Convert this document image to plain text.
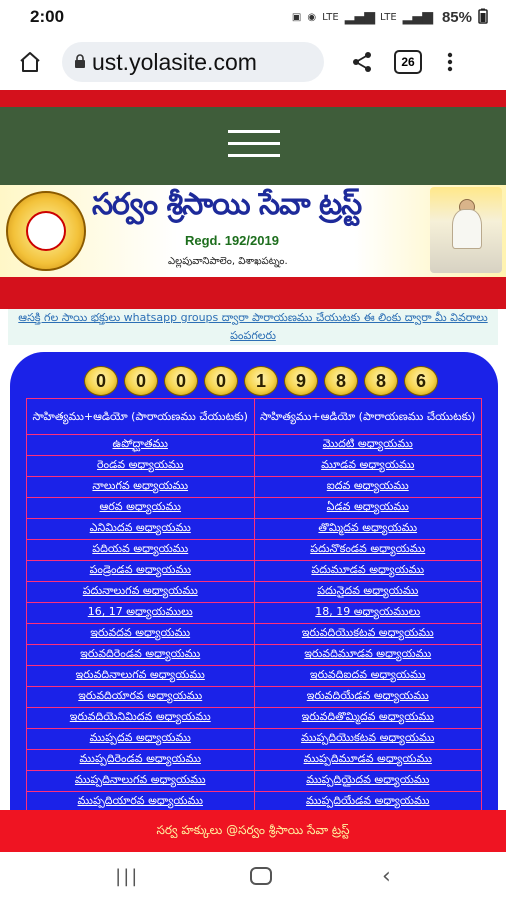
2:00	▣ ◉ LTE ▂▄▆ LTE ▂▄▆ 85%
ust.yolasite.com	26
సర్వం శ్రీసాయి సేవా ట్రస్ట్
Regd. 192/2019
ఎల్లపువానిపాలెం, విశాఖపట్నం.
ఆసక్తి గల సాయి భక్తులు whatsapp groups ద్వారా పారాయణము చేయుటకు ఈ లింకు ద్వారా మీ వివరాలు పంపగలరు
0	0	0	0	1	9	8	8	6
సాహిత్యము+ఆడియో (పారాయణము చేయుటకు)	సాహిత్యము+ఆడియో (పారాయణము చేయుటకు)
ఉపోద్ఘాతము	మొదటి అధ్యాయము
రెండవ అధ్యాయము	మూడవ అధ్యాయము
నాలుగవ అధ్యాయము	ఐదవ అధ్యాయము
ఆరవ అధ్యాయము	ఏడవ అధ్యాయము
ఎనిమిదవ అధ్యాయము	తొమ్మిదవ అధ్యాయము
పదియవ అధ్యాయము	పదునొకండవ అధ్యాయము
పండ్రెండవ అధ్యాయము	పదుమూడవ అధ్యాయము
పదునాలుగవ అధ్యాయము	పదునైదవ అధ్యాయము
16, 17 అధ్యాయములు	18, 19 అధ్యాయములు
ఇరువదవ అధ్యాయము	ఇరువదియొకటవ అధ్యాయము
ఇరువదిరెండవ అధ్యాయము	ఇరువదిమూడవ అధ్యాయము
ఇరువదినాలుగవ అధ్యాయము	ఇరువదిఐదవ అధ్యాయము
ఇరువదియారవ అధ్యాయము	ఇరువదియేడవ అధ్యాయము
ఇరువదియెనిమిదవ అధ్యాయము	ఇరువదితొమ్మిదవ అధ్యాయము
ముప్పదవ అధ్యాయము	ముప్పదియొకటవ అధ్యాయము
ముప్పదిరెండవ అధ్యాయము	ముప్పదిమూడవ అధ్యాయము
ముప్పదినాలుగవ అధ్యాయము	ముప్పదియైదవ అధ్యాయము
ముప్పదియారవ అధ్యాయము	ముప్పదియేడవ అధ్యాయము
సర్వ హక్కులు @సర్వం శ్రీసాయి సేవా ట్రస్ట్
|||	‹
